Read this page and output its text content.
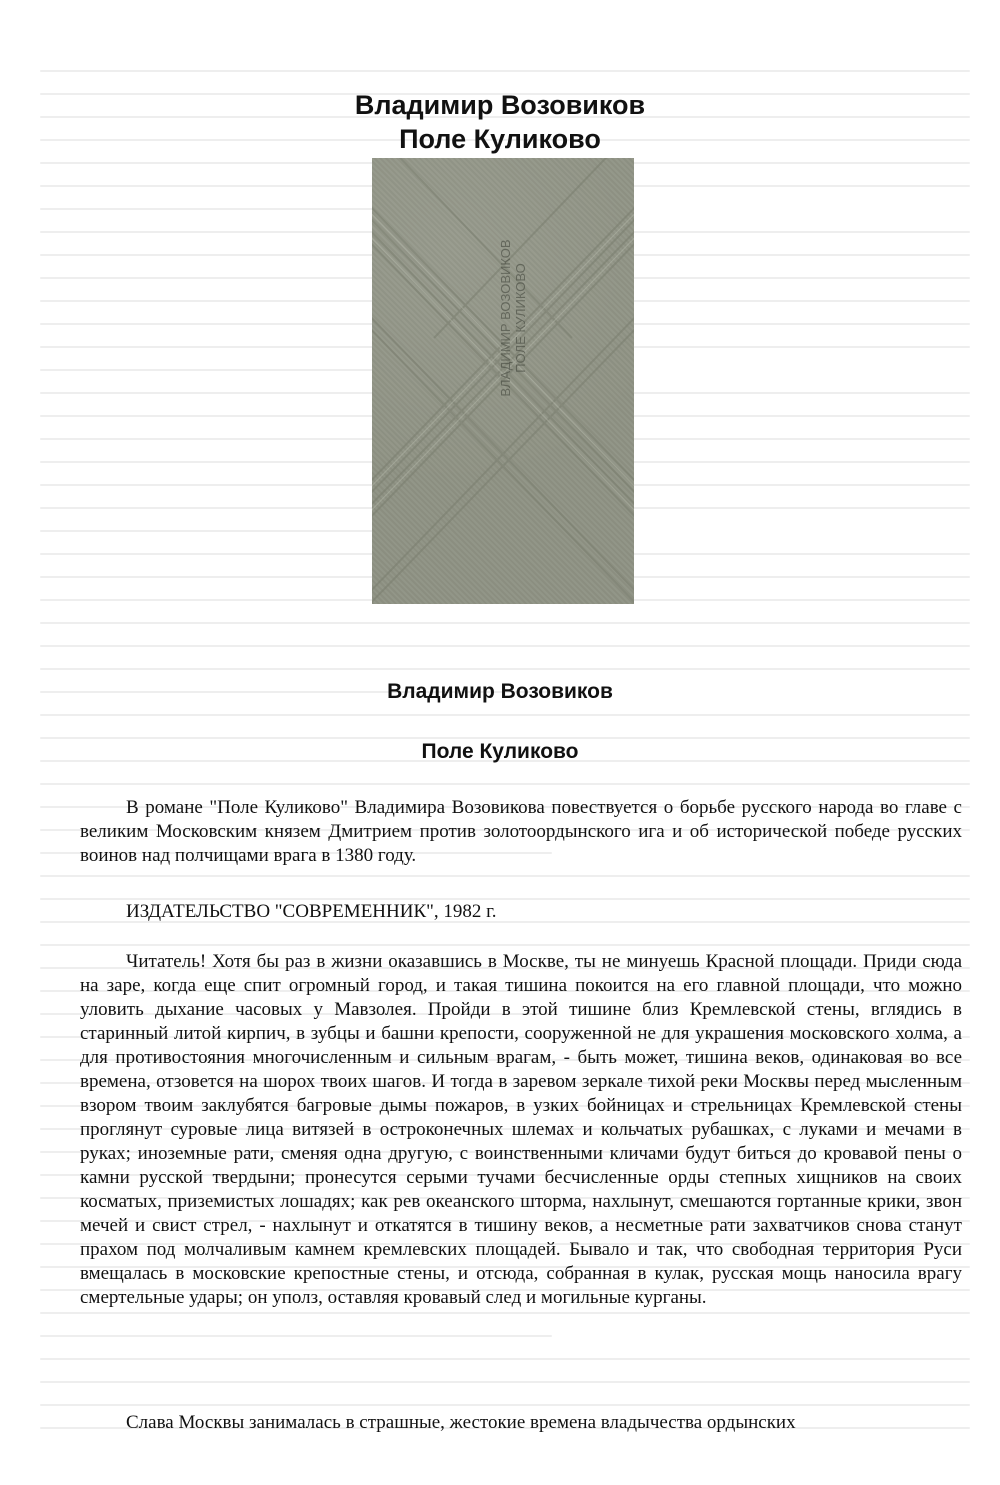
Владимир Возовиков
Поле Куликово
ВЛАДИМИР ВОЗОВИКОВ ПОЛЕ КУЛИКОВО
Владимир Возовиков
Поле Куликово
В романе "Поле Куликово" Владимира Возовикова повествуется о борьбе русского народа во главе с великим Московским князем Дмитрием против золотоордынского ига и об исторической победе русских воинов над полчищами врага в 1380 году.
ИЗДАТЕЛЬСТВО "СОВРЕМЕННИК", 1982 г.
Читатель! Хотя бы раз в жизни оказавшись в Москве, ты не минуешь Красной площади. Приди сюда на заре, когда еще спит огромный город, и такая тишина покоится на его главной площади, что можно уловить дыхание часовых у Мавзолея. Пройди в этой тишине близ Кремлевской стены, вглядись в старинный литой кирпич, в зубцы и башни крепости, сооруженной не для украшения московского холма, а для противостояния многочисленным и сильным врагам, - быть может, тишина веков, одинаковая во все времена, отзовется на шорох твоих шагов. И тогда в заревом зеркале тихой реки Москвы перед мысленным взором твоим заклубятся багровые дымы пожаров, в узких бойницах и стрельницах Кремлевской стены проглянут суровые лица витязей в остроконечных шлемах и кольчатых рубашках, с луками и мечами в руках; иноземные рати, сменяя одна другую, с воинственными кличами будут биться до кровавой пены о камни русской твердыни; пронесутся серыми тучами бесчисленные орды степных хищников на своих косматых, приземистых лошадях; как рев океанского шторма, нахлынут, смешаются гортанные крики, звон мечей и свист стрел, - нахлынут и откатятся в тишину веков, а несметные рати захватчиков снова станут прахом под молчаливым камнем кремлевских площадей. Бывало и так, что свободная территория Руси вмещалась в московские крепостные стены, и отсюда, собранная в кулак, русская мощь наносила врагу смертельные удары; он уполз, оставляя кровавый след и могильные курганы.
Слава Москвы занималась в страшные, жестокие времена владычества ордынских
